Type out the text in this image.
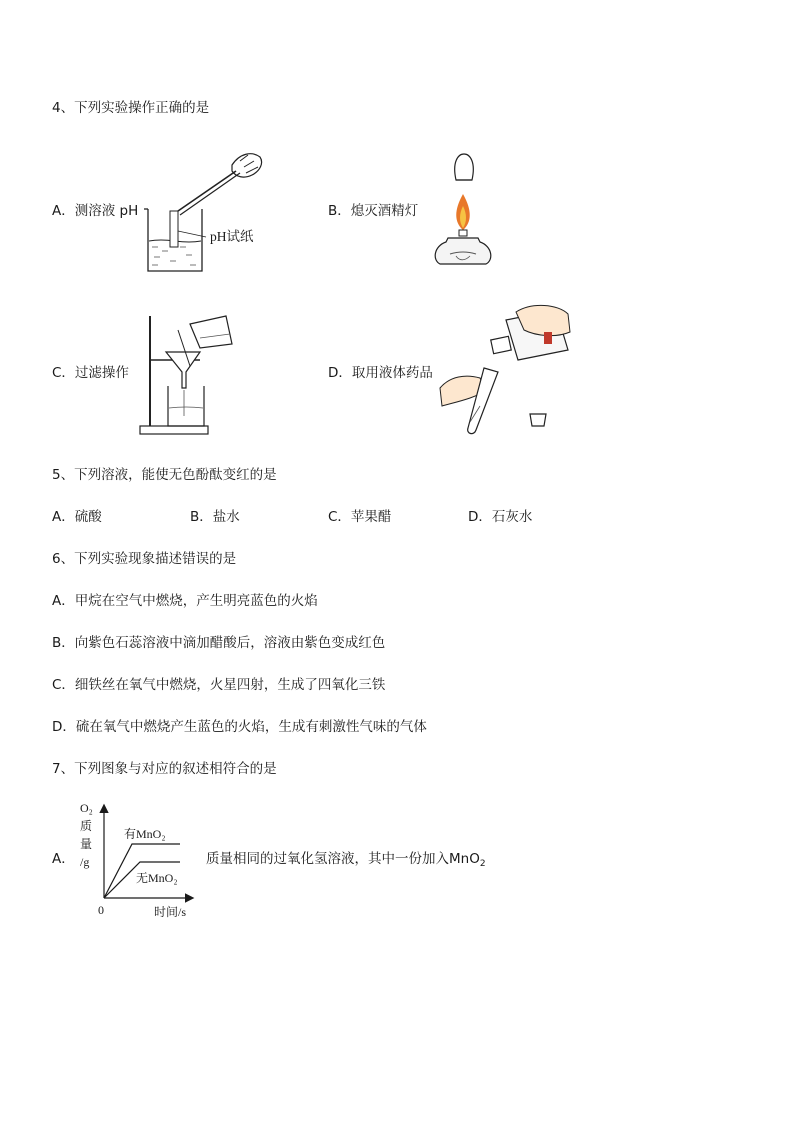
4、下列实验操作正确的是
A．测溶液 pH
pH试纸
B．熄灭酒精灯
C．过滤操作	D．取用液体药品
5、下列溶液，能使无色酚酞变红的是
A．硫酸	B．盐水	C．苹果醋	D．石灰水
6、下列实验现象描述错误的是
A．甲烷在空气中燃烧，产生明亮蓝色的火焰
B．向紫色石蕊溶液中滴加醋酸后，溶液由紫色变成红色
C．细铁丝在氧气中燃烧，火星四射，生成了四氧化三铁
D．硫在氧气中燃烧产生蓝色的火焰，生成有刺激性气味的气体
7、下列图象与对应的叙述相符合的是
A．
O₂
质
量
/g
0	时间/s
有MnO₂
无MnO₂
质量相同的过氧化氢溶液，其中一份加入MnO$_2$
